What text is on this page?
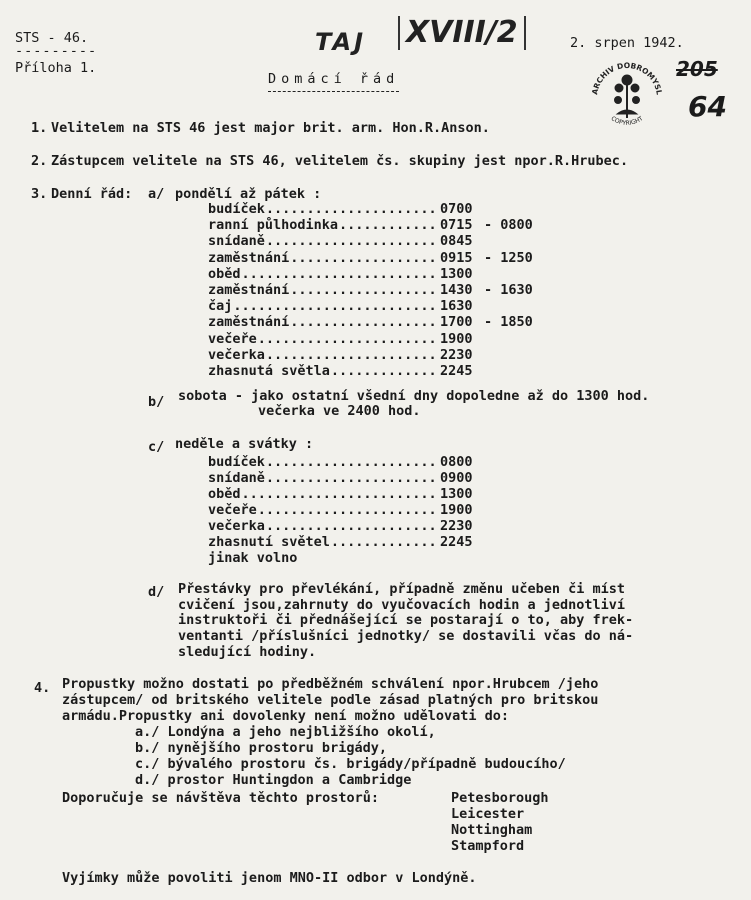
STS - 46.
---------
Příloha 1.
TAJ XVIII/2	2. srpen 1942.
205
64
Domácí řád
ARCHIV DOBROMYSL
COPYRIGHT
1. Velitelem na STS 46 jest major brit. arm. Hon.R.Anson.
2. Zástupcem velitele na STS 46, velitelem čs. skupiny jest npor.R.Hrubec.
3. Denní řád: a/ pondělí až pátek :
budíček ..................... 0700
ranní půlhodinka ............ 0715 - 0800
snídaně ..................... 0845
zaměstnání .................. 0915 - 1250
oběd ........................ 1300
zaměstnání .................. 1430 - 1630
čaj ......................... 1630
zaměstnání .................. 1700 - 1850
večeře ...................... 1900
večerka ..................... 2230
zhasnutá světla ............. 2245
b/ sobota - jako ostatní všední dny dopoledne až do 1300 hod.
večerka ve 2400 hod.
c/ neděle a svátky :
budíček ..................... 0800
snídaně ..................... 0900
oběd ........................ 1300
večeře ...................... 1900
večerka ..................... 2230
zhasnutí světel ............. 2245
jinak volno
d/ Přestávky pro převlékání, případně změnu učeben či míst
cvičení jsou,zahrnuty do vyučovacích hodin a jednotliví
instruktoři či přednášející se postarají o to, aby frek-
ventanti /příslušníci jednotky/ se dostavili včas do ná-
sledující hodiny.
4. Propustky možno dostati po předběžném schválení npor.Hrubcem /jeho
zástupcem/ od britského velitele podle zásad platných pro britskou
armádu.Propustky ani dovolenky není možno udělovati do:
a./ Londýna a jeho nejbližšího okolí,
b./ nynějšího prostoru brigády,
c./ bývalého prostoru čs. brigády/případně budoucího/
d./ prostor Huntingdon a Cambridge
Doporučuje se návštěva těchto prostorů:	Petesborough
Leicester
Nottingham
Stampford
Vyjímky může povoliti jenom MNO-II odbor v Londýně.
